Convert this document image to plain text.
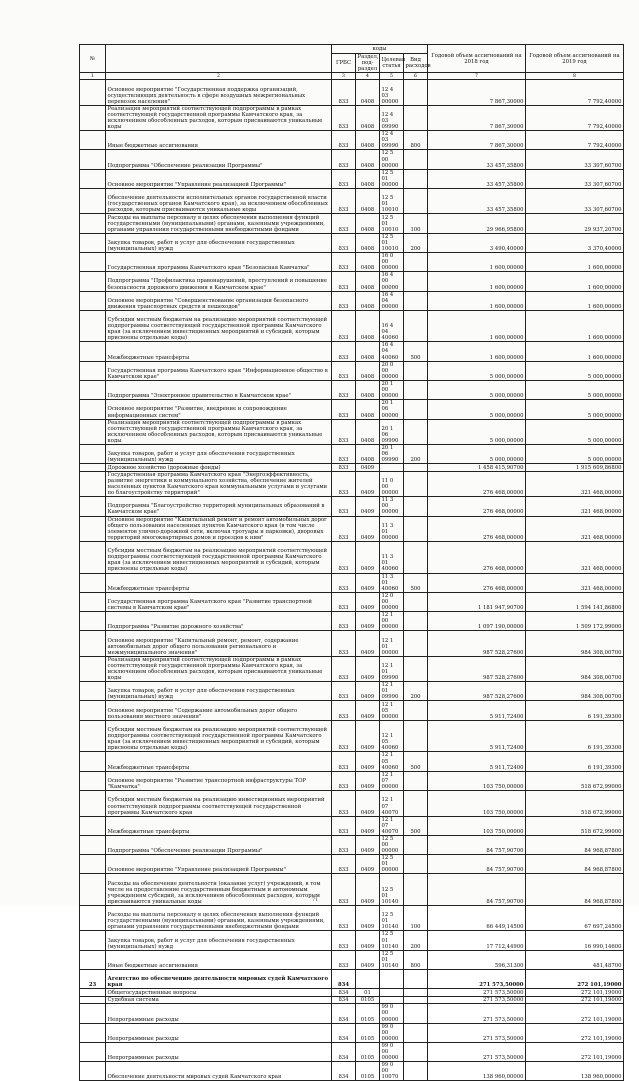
№		коды				Годовой объем ассигнований на 2018 год	Годовой объем ассигнований на 2019 год
		ГРБС	Раздел, под-раздел	Целевая статья	Вид расходов		
1	2	3	4	5	6	7	8
	Основное мероприятие "Государственная поддержка организаций, осуществляющих деятельность в сфере воздушных межрегиональных перевозок населения"	833	0408	12 4 03 00000		7 867,30000	7 792,40000
	Реализация мероприятий соответствующей подпрограммы в рамках соответствующей государственной программы Камчатского края, за исключением обособленных расходов, которым присваиваются уникальные коды	833	0408	12 4 03 09990		7 867,30000	7 792,40000
	Иные бюджетные ассигнования	833	0408	12 4 03 09990	800	7 867,30000	7 792,40000
	Подпрограмма "Обеспечение реализации Программы"	833	0408	12 5 00 00000		33 457,35800	33 307,60700
	Основное мероприятие "Управление реализацией Программы"	833	0408	12 5 01 00000		33 457,35800	33 307,60700
	Обеспечение деятельности исполнительных органов государственной власти (государственных органов Камчатского края), за исключением обособленных расходов, которым присваиваются уникальные коды	833	0408	12 5 01 10010		33 457,35800	33 307,60700
	Расходы на выплаты персоналу в целях обеспечения выполнения функций государственными (муниципальными) органами, казенными учреждениями, органами управления государственными внебюджетными фондами	833	0408	12 5 01 10010	100	29 966,95800	29 937,20700
	Закупка товаров, работ и услуг для обеспечения государственных (муниципальных) нужд	833	0408	12 5 01 10010	200	3 490,40000	3 370,40000
	Государственная программа Камчатского края "Безопасная Камчатка"	833	0408	16 0 00 00000		1 600,00000	1 600,00000
	Подпрограмма "Профилактика правонарушений, преступлений и повышение безопасности дорожного движения в Камчатском крае"	833	0408	16 4 00 00000		1 600,00000	1 600,00000
	Основное мероприятие "Совершенствование организации безопасного движения транспортных средств и пешеходов"	833	0408	16 4 04 00000		1 600,00000	1 600,00000
	Субсидии местным бюджетам на реализацию мероприятий соответствующей подпрограммы соответствующей государственной программы Камчатского края (за исключением инвестиционных мероприятий и субсидий, которым присвоены отдельные коды)	833	0408	16 4 04 40060		1 600,00000	1 600,00000
	Межбюджетные трансферты	833	0408	16 4 04 40060	500	1 600,00000	1 600,00000
	Государственная программа Камчатского края "Информационное общество в Камчатском крае"	833	0408	20 0 00 00000		5 000,00000	5 000,00000
	Подпрограмма "Электронное правительство в Камчатском крае"	833	0408	20 1 00 00000		5 000,00000	5 000,00000
	Основное мероприятие "Развитие, внедрение и сопровождение информационных систем"	833	0408	20 1 06 00000		5 000,00000	5 000,00000
	Реализация мероприятий соответствующей подпрограммы в рамках соответствующей государственной программы Камчатского края, за исключением обособленных расходов, которым присваиваются уникальные коды	833	0408	20 1 06 09990		5 000,00000	5 000,00000
	Закупка товаров, работ и услуг для обеспечения государственных (муниципальных) нужд	833	0408	20 1 06 09990	200	5 000,00000	5 000,00000
	Дорожное хозяйство (дорожные фонды)	833	0409			1 458 415,90700	1 915 609,86800
	Государственная программа Камчатского края "Энергоэффективность, развитие энергетики и коммунального хозяйства, обеспечение жителей населенных пунктов Камчатского края коммунальными услугами и услугами по благоустройству территорий"	833	0409	11 0 00 00000		276 468,00000	321 468,00000
	Подпрограмма "Благоустройство территорий муниципальных образований в Камчатском крае"	833	0409	11 3 00 00000		276 468,00000	321 468,00000
	Основное мероприятие "Капитальный ремонт и ремонт автомобильных дорог общего пользования населенных пунктов Камчатского края (в том числе элементов улично-дорожной сети, включая тротуары и парковки), дворовых территорий многоквартирных домов и проездов к ним"	833	0409	11 3 01 00000		276 468,00000	321 468,00000
	Субсидии местным бюджетам на реализацию мероприятий соответствующей подпрограммы соответствующей государственной программы Камчатского края (за исключением инвестиционных мероприятий и субсидий, которым присвоены отдельные коды)	833	0409	11 3 01 40060		276 468,00000	321 468,00000
	Межбюджетные трансферты	833	0409	11 3 01 40060	500	276 468,00000	321 468,00000
	Государственная программа Камчатского края "Развитие транспортной системы в Камчатском крае"	833	0409	12 0 00 00000		1 181 947,90700	1 594 141,86800
	Подпрограмма "Развитие дорожного хозяйства"	833	0409	12 1 00 00000		1 097 190,00000	1 509 172,99000
	Основное мероприятие "Капитальный ремонт, ремонт, содержание автомобильных дорог общего пользования регионального и межмуниципального значения"	833	0409	12 1 01 00000		987 528,27600	984 308,00700
	Реализация мероприятий соответствующей подпрограммы в рамках соответствующей государственной программы Камчатского края, за исключением обособленных расходов, которым присваиваются уникальные коды	833	0409	12 1 01 09990		987 528,27600	984 308,00700
	Закупка товаров, работ и услуг для обеспечения государственных (муниципальных) нужд	833	0409	12 1 01 09990	200	987 528,27600	984 308,00700
	Основное мероприятие "Содержание автомобильных дорог общего пользования местного значения"	833	0409	12 1 05 00000		5 911,72400	6 191,39300
	Субсидии местным бюджетам на реализацию мероприятий соответствующей подпрограммы соответствующей государственной программы Камчатского края (за исключением инвестиционных мероприятий и субсидий, которым присвоены отдельные коды)	833	0409	12 1 05 40060		5 911,72400	6 191,39300
	Межбюджетные трансферты	833	0409	12 1 05 40060	500	5 911,72400	6 191,39300
	Основное мероприятие "Развитие транспортной инфраструктуры ТОР "Камчатка"	833	0409	12 1 07 00000		103 750,00000	518 672,99000
	Субсидии местным бюджетам на реализацию инвестиционных мероприятий соответствующей подпрограммы соответствующей государственной программы Камчатского края	833	0409	12 1 07 40070		103 750,00000	518 672,99000
	Межбюджетные трансферты	833	0409	12 1 07 40070	500	103 750,00000	518 672,99000
	Подпрограмма "Обеспечение реализации Программы"	833	0409	12 5 00 00000		84 757,90700	84 968,87800
	Основное мероприятие "Управление реализацией Программы"	833	0409	12 5 01 00000		84 757,90700	84 968,87800
	Расходы на обеспечение деятельности (оказание услуг) учреждений, в том числе на предоставление государственным бюджетным и автономным учреждениям субсидий, за исключением обособленных расходов, которым присваиваются уникальные коды	833	0409	12 5 01 10140		84 757,90700	84 968,87800
	Расходы на выплаты персоналу в целях обеспечения выполнения функций государственными (муниципальными) органами, казенными учреждениями, органами управления государственными внебюджетными фондами	833	0409	12 5 01 10140	100	66 449,14500	67 697,24500
	Закупка товаров, работ и услуг для обеспечения государственных (муниципальных) нужд	833	0409	12 5 01 10140	200	17 712,44900	16 990,14600
	Иные бюджетные ассигнования	833	0409	12 5 01 10140	800	596,31300	481,48700
23	Агентство по обеспечению деятельности мировых судей Камчатского края	834				271 573,50000	272 101,19000
	Общегосударственные вопросы	834	01			271 573,50000	272 101,19000
	Судебная система	834	0105			271 573,50000	272 101,19000
	Непрограммные расходы	834	0105	99 0 00 00000		271 573,50000	272 101,19000
	Непрограммные расходы	834	0105	99 0 00 00000		271 573,50000	272 101,19000
	Непрограммные расходы	834	0105	99 0 00 00000		271 573,50000	272 101,19000
	Обеспечение деятельности мировых судей Камчатского края	834	0105	99 0 00 10070		138 960,00000	138 960,00000
71
